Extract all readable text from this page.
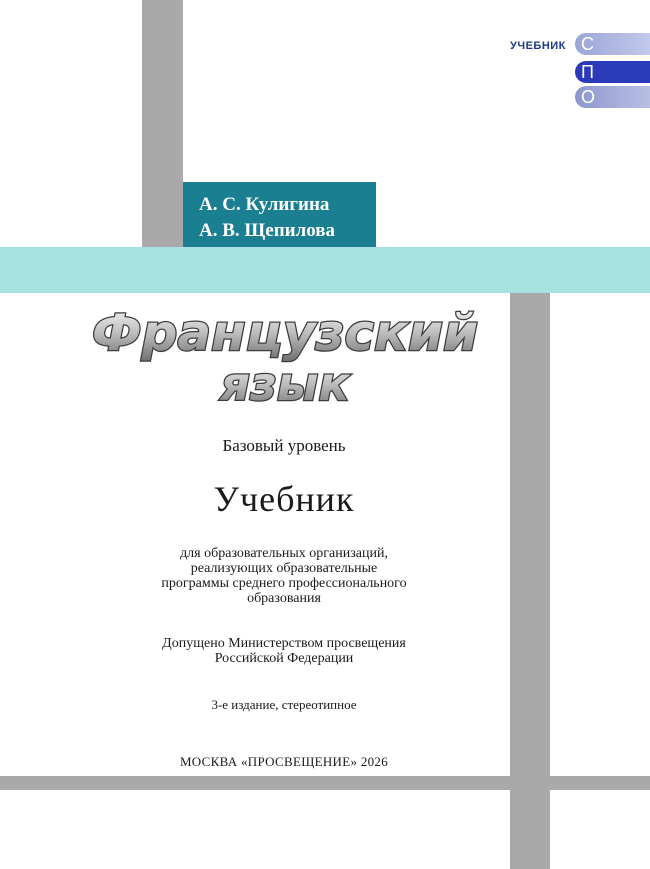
УЧЕБНИК С
П
О
А. С. Кулигина
А. В. Щепилова
Французский
язык
Базовый уровень
Учебник
для образовательных организаций,
реализующих образовательные
программы среднего профессионального
образования
Допущено Министерством просвещения
Российской Федерации
3-е издание, стереотипное
МОСКВА «ПРОСВЕЩЕНИЕ» 2026
